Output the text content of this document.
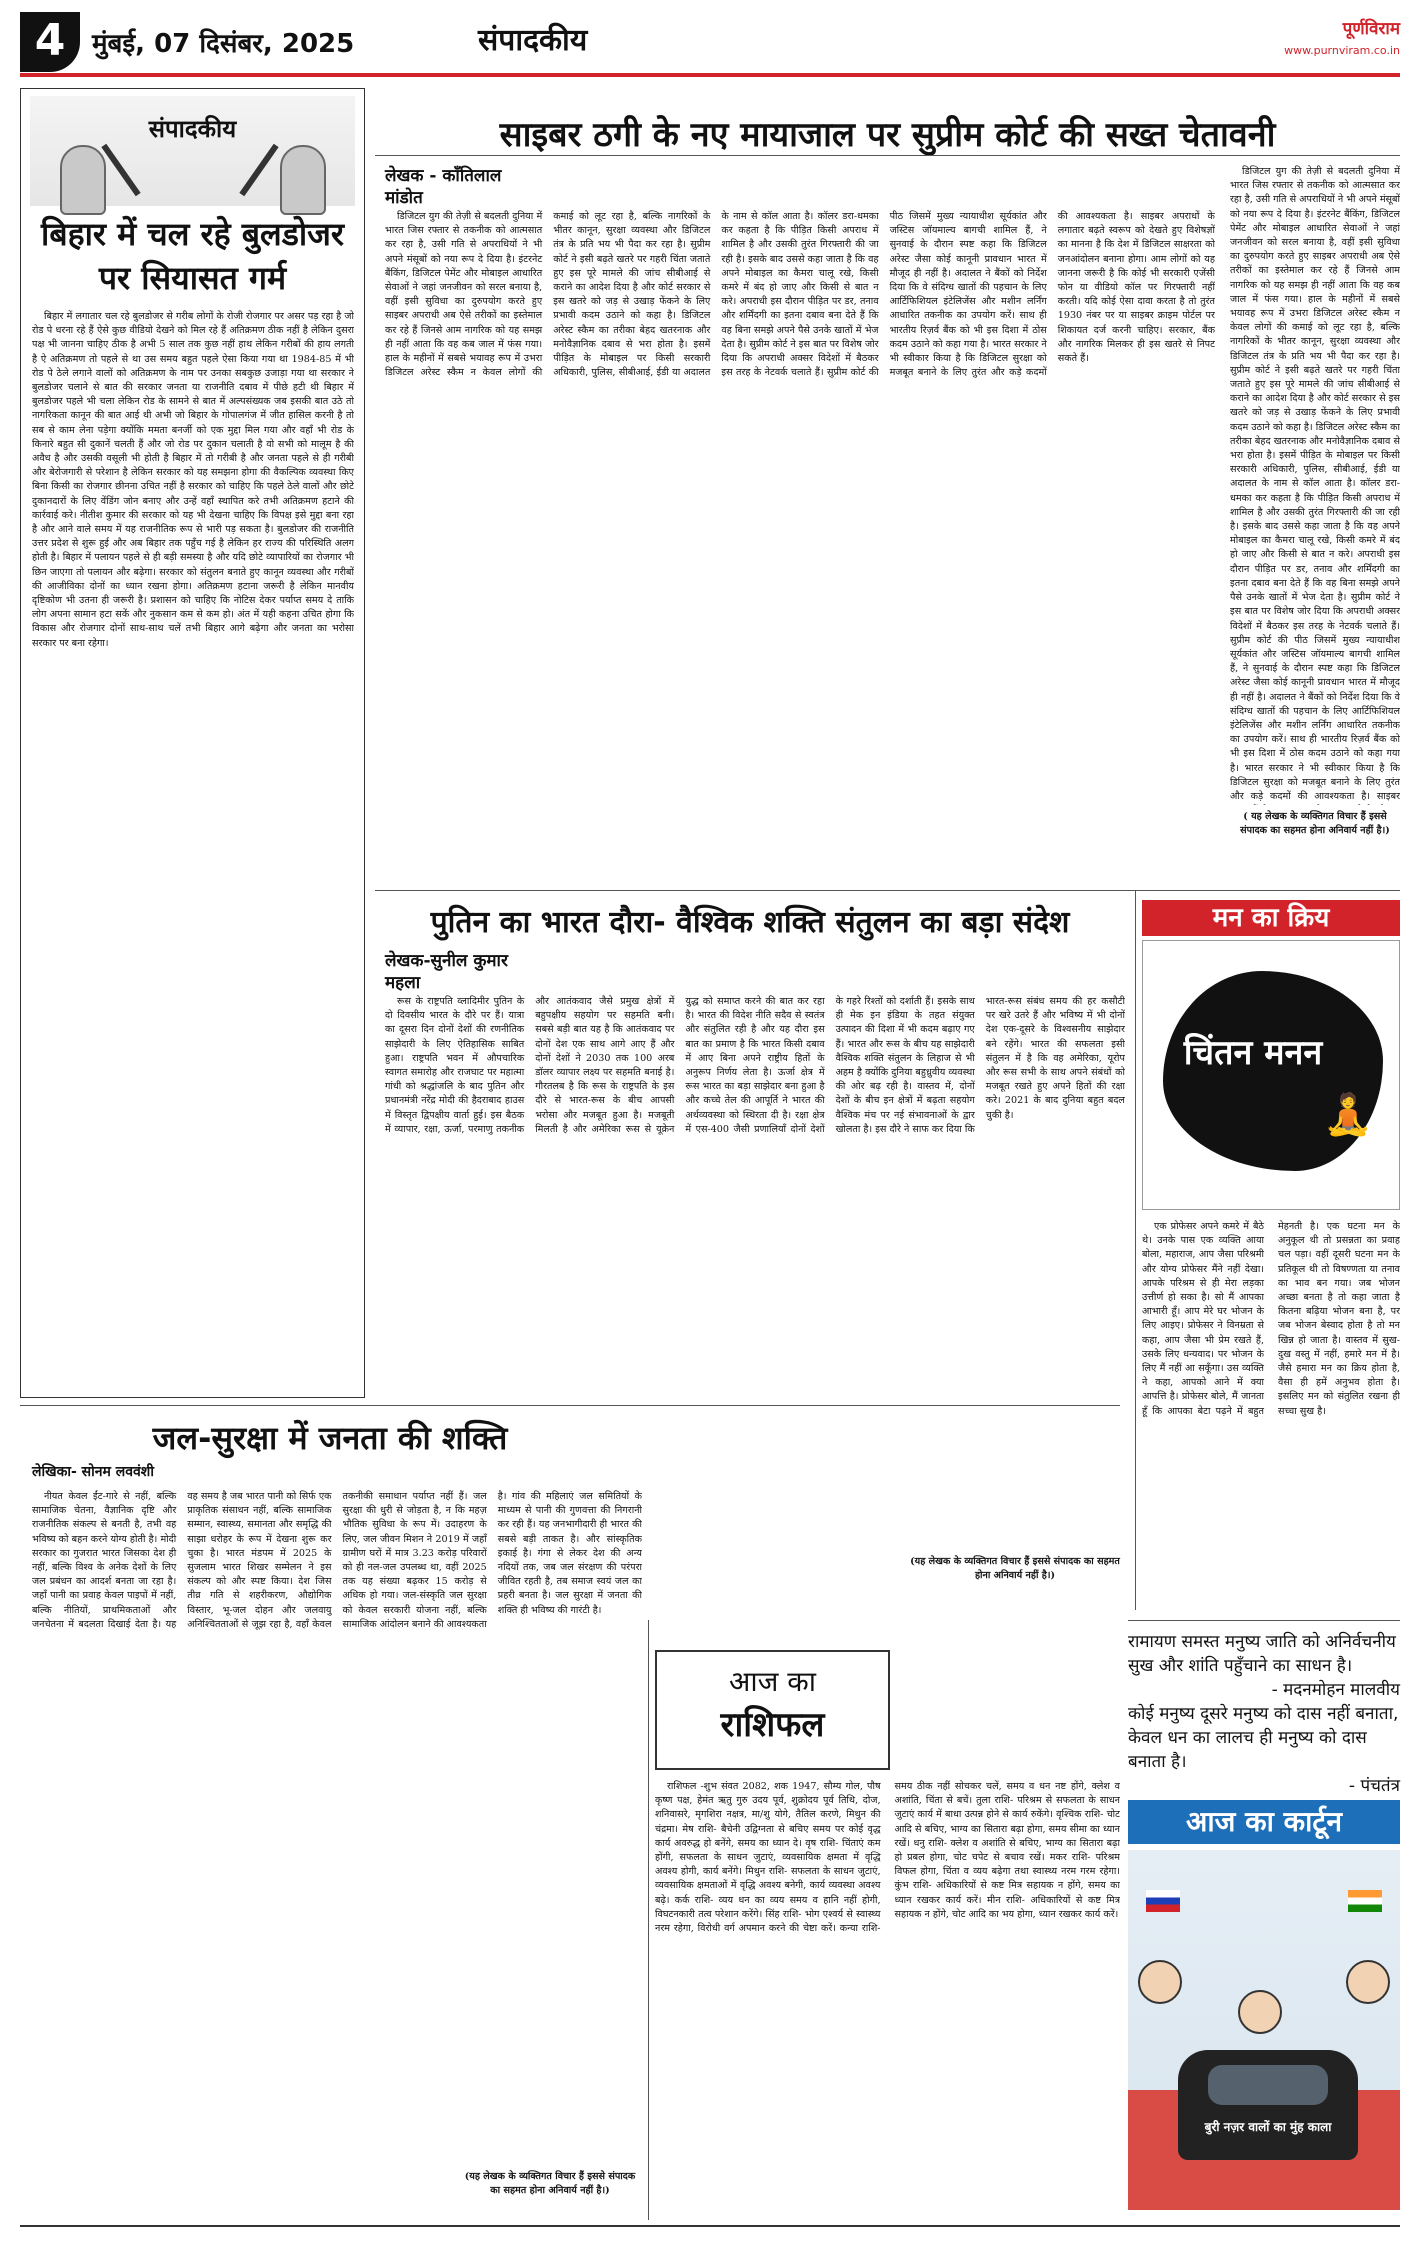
4	मुंबई, 07 दिसंबर, 2025	संपादकीय	पूर्णविराम
www.purnviram.co.in
संपादकीय
बिहार में चल रहे बुलडोजर पर सियासत गर्म

बिहार में लगातार चल रहे बुलडोजर से गरीब लोगों के रोजी रोजगार पर असर पड़ रहा है जो रोड पे धरना रहे हैं ऐसे कुछ वीडियो देखने को मिल रहे हैं अतिक्रमण ठीक नहीं है लेकिन दुसरा पक्ष भी जानना चाहिए ठीक है अभी 5 साल तक कुछ नहीं हाथ लेकिन गरीबों की हाय लगती है ऐ अतिक्रमण तो पहले से था उस समय बहुत पहले ऐसा किया गया था 1984-85 में भी रोड पे ठेले लगाने वालों को अतिक्रमण के नाम पर उनका सबकुछ उजाड़ा गया था सरकार ने बुलडोजर चलाने से बात की सरकार जनता या राजनीति दबाव में पीछे हटी थी बिहार में बुलडोजर पहले भी चला लेकिन रोड के सामने से बात में अल्पसंख्यक जब इसकी बात उठे तो नागरिकता कानून की बात आई थी अभी जो बिहार के गोपालगंज में जीत हासिल करनी है तो सब से काम लेना पड़ेगा क्योंकि ममता बनर्जी को एक मुद्दा मिल गया और वहाँ भी रोड के किनारे बहुत सी दुकानें चलती हैं और जो रोड पर दुकान चलाती है वो सभी को मालूम है की अवैध है और उसकी वसूली भी होती है बिहार में तो गरीबी है और जनता पहले से ही गरीबी और बेरोजगारी से परेशान है लेकिन सरकार को यह समझना होगा की वैकल्पिक व्यवस्था किए बिना किसी का रोजगार छीनना उचित नहीं है सरकार को चाहिए कि पहले ठेले वालों और छोटे दुकानदारों के लिए वेंडिंग जोन बनाए और उन्हें वहाँ स्थापित करे तभी अतिक्रमण हटाने की कार्रवाई करे। नीतीश कुमार की सरकार को यह भी देखना चाहिए कि विपक्ष इसे मुद्दा बना रहा है और आने वाले समय में यह राजनीतिक रूप से भारी पड़ सकता है। बुलडोजर की राजनीति उत्तर प्रदेश से शुरू हुई और अब बिहार तक पहुँच गई है लेकिन हर राज्य की परिस्थिति अलग होती है। बिहार में पलायन पहले से ही बड़ी समस्या है और यदि छोटे व्यापारियों का रोजगार भी छिन जाएगा तो पलायन और बढ़ेगा। सरकार को संतुलन बनाते हुए कानून व्यवस्था और गरीबों की आजीविका दोनों का ध्यान रखना होगा। अतिक्रमण हटाना जरूरी है लेकिन मानवीय दृष्टिकोण भी उतना ही जरूरी है। प्रशासन को चाहिए कि नोटिस देकर पर्याप्त समय दे ताकि लोग अपना सामान हटा सकें और नुकसान कम से कम हो। अंत में यही कहना उचित होगा कि विकास और रोजगार दोनों साथ-साथ चलें तभी बिहार आगे बढ़ेगा और जनता का भरोसा सरकार पर बना रहेगा।

साइबर ठगी के नए मायाजाल पर सुप्रीम कोर्ट की सख्त चेतावनी
लेखक - कॉंतिलाल मांडोत

डिजिटल युग की तेज़ी से बदलती दुनिया में भारत जिस रफ्तार से तकनीक को आत्मसात कर रहा है, उसी गति से अपराधियों ने भी अपने मंसूबों को नया रूप दे दिया है। इंटरनेट बैंकिंग, डिजिटल पेमेंट और मोबाइल आधारित सेवाओं ने जहां जनजीवन को सरल बनाया है, वहीं इसी सुविधा का दुरुपयोग करते हुए साइबर अपराधी अब ऐसे तरीकों का इस्तेमाल कर रहे हैं जिनसे आम नागरिक को यह समझ ही नहीं आता कि वह कब जाल में फंस गया। हाल के महीनों में सबसे भयावह रूप में उभरा डिजिटल अरेस्ट स्कैम न केवल लोगों की कमाई को लूट रहा है, बल्कि नागरिकों के भीतर कानून, सुरक्षा व्यवस्था और डिजिटल तंत्र के प्रति भय भी पैदा कर रहा है। सुप्रीम कोर्ट ने इसी बढ़ते खतरे पर गहरी चिंता जताते हुए इस पूरे मामले की जांच सीबीआई से कराने का आदेश दिया है और कोर्ट सरकार से इस खतरे को जड़ से उखाड़ फेंकने के लिए प्रभावी कदम उठाने को कहा है। डिजिटल अरेस्ट स्कैम का तरीका बेहद खतरनाक और मनोवैज्ञानिक दबाव से भरा होता है। इसमें पीड़ित के मोबाइल पर किसी सरकारी अधिकारी, पुलिस, सीबीआई, ईडी या अदालत के नाम से कॉल आता है। कॉलर डरा-धमका कर कहता है कि पीड़ित किसी अपराध में शामिल है और उसकी तुरंत गिरफ्तारी की जा रही है। इसके बाद उससे कहा जाता है कि वह अपने मोबाइल का कैमरा चालू रखे, किसी कमरे में बंद हो जाए और किसी से बात न करे। अपराधी इस दौरान पीड़ित पर डर, तनाव और शर्मिंदगी का इतना दबाव बना देते हैं कि वह बिना समझे अपने पैसे उनके खातों में भेज देता है। सुप्रीम कोर्ट ने इस बात पर विशेष जोर दिया कि अपराधी अक्सर विदेशों में बैठकर इस तरह के नेटवर्क चलाते हैं। सुप्रीम कोर्ट की पीठ जिसमें मुख्य न्यायाधीश सूर्यकांत और जस्टिस जॉयमाल्य बागची शामिल हैं, ने सुनवाई के दौरान स्पष्ट कहा कि डिजिटल अरेस्ट जैसा कोई कानूनी प्रावधान भारत में मौजूद ही नहीं है। अदालत ने बैंकों को निर्देश दिया कि वे संदिग्ध खातों की पहचान के लिए आर्टिफिशियल इंटेलिजेंस और मशीन लर्निंग आधारित तकनीक का उपयोग करें। साथ ही भारतीय रिज़र्व बैंक को भी इस दिशा में ठोस कदम उठाने को कहा गया है। भारत सरकार ने भी स्वीकार किया है कि डिजिटल सुरक्षा को मजबूत बनाने के लिए तुरंत और कड़े कदमों की आवश्यकता है। साइबर अपराधों के लगातार बढ़ते स्वरूप को देखते हुए विशेषज्ञों का मानना है कि देश में डिजिटल साक्षरता को जनआंदोलन बनाना होगा। आम लोगों को यह जानना जरूरी है कि कोई भी सरकारी एजेंसी फोन या वीडियो कॉल पर गिरफ्तारी नहीं करती। यदि कोई ऐसा दावा करता है तो तुरंत 1930 नंबर पर या साइबर क्राइम पोर्टल पर शिकायत दर्ज करनी चाहिए। सरकार, बैंक और नागरिक मिलकर ही इस खतरे से निपट सकते हैं।

डिजिटल युग की तेज़ी से बदलती दुनिया में भारत जिस रफ्तार से तकनीक को आत्मसात कर रहा है, उसी गति से अपराधियों ने भी अपने मंसूबों को नया रूप दे दिया है। इंटरनेट बैंकिंग, डिजिटल पेमेंट और मोबाइल आधारित सेवाओं ने जहां जनजीवन को सरल बनाया है, वहीं इसी सुविधा का दुरुपयोग करते हुए साइबर अपराधी अब ऐसे तरीकों का इस्तेमाल कर रहे हैं जिनसे आम नागरिक को यह समझ ही नहीं आता कि वह कब जाल में फंस गया। हाल के महीनों में सबसे भयावह रूप में उभरा डिजिटल अरेस्ट स्कैम न केवल लोगों की कमाई को लूट रहा है, बल्कि नागरिकों के भीतर कानून, सुरक्षा व्यवस्था और डिजिटल तंत्र के प्रति भय भी पैदा कर रहा है। सुप्रीम कोर्ट ने इसी बढ़ते खतरे पर गहरी चिंता जताते हुए इस पूरे मामले की जांच सीबीआई से कराने का आदेश दिया है और कोर्ट सरकार से इस खतरे को जड़ से उखाड़ फेंकने के लिए प्रभावी कदम उठाने को कहा है। डिजिटल अरेस्ट स्कैम का तरीका बेहद खतरनाक और मनोवैज्ञानिक दबाव से भरा होता है। इसमें पीड़ित के मोबाइल पर किसी सरकारी अधिकारी, पुलिस, सीबीआई, ईडी या अदालत के नाम से कॉल आता है। कॉलर डरा-धमका कर कहता है कि पीड़ित किसी अपराध में शामिल है और उसकी तुरंत गिरफ्तारी की जा रही है। इसके बाद उससे कहा जाता है कि वह अपने मोबाइल का कैमरा चालू रखे, किसी कमरे में बंद हो जाए और किसी से बात न करे। अपराधी इस दौरान पीड़ित पर डर, तनाव और शर्मिंदगी का इतना दबाव बना देते हैं कि वह बिना समझे अपने पैसे उनके खातों में भेज देता है। सुप्रीम कोर्ट ने इस बात पर विशेष जोर दिया कि अपराधी अक्सर विदेशों में बैठकर इस तरह के नेटवर्क चलाते हैं। सुप्रीम कोर्ट की पीठ जिसमें मुख्य न्यायाधीश सूर्यकांत और जस्टिस जॉयमाल्य बागची शामिल हैं, ने सुनवाई के दौरान स्पष्ट कहा कि डिजिटल अरेस्ट जैसा कोई कानूनी प्रावधान भारत में मौजूद ही नहीं है। अदालत ने बैंकों को निर्देश दिया कि वे संदिग्ध खातों की पहचान के लिए आर्टिफिशियल इंटेलिजेंस और मशीन लर्निंग आधारित तकनीक का उपयोग करें। साथ ही भारतीय रिज़र्व बैंक को भी इस दिशा में ठोस कदम उठाने को कहा गया है। भारत सरकार ने भी स्वीकार किया है कि डिजिटल सुरक्षा को मजबूत बनाने के लिए तुरंत और कड़े कदमों की आवश्यकता है। साइबर

( यह लेखक के व्यक्तिगत विचार हैं इससे संपादक का सहमत होना अनिवार्य नहीं है।)
पुतिन का भारत दौरा- वैश्विक शक्ति संतुलन का बड़ा संदेश
लेखक-सुनील कुमार महला

रूस के राष्ट्रपति व्लादिमीर पुतिन के दो दिवसीय भारत के दौरे पर हैं। यात्रा का दूसरा दिन दोनों देशों की रणनीतिक साझेदारी के लिए ऐतिहासिक साबित हुआ। राष्ट्रपति भवन में औपचारिक स्वागत समारोह और राजघाट पर महात्मा गांधी को श्रद्धांजलि के बाद पुतिन और प्रधानमंत्री नरेंद्र मोदी की हैदराबाद हाउस में विस्तृत द्विपक्षीय वार्ता हुई। इस बैठक में व्यापार, रक्षा, ऊर्जा, परमाणु तकनीक और आतंकवाद जैसे प्रमुख क्षेत्रों में बहुपक्षीय सहयोग पर सहमति बनी। सबसे बड़ी बात यह है कि आतंकवाद पर दोनों देश एक साथ आगे आए हैं और दोनों देशों ने 2030 तक 100 अरब डॉलर व्यापार लक्ष्य पर सहमति बनाई है। गौरतलब है कि रूस के राष्ट्रपति के इस दौरे से भारत-रूस के बीच आपसी भरोसा और मजबूत हुआ है। मजबूती मिलती है और अमेरिका रूस से यूक्रेन युद्ध को समाप्त करने की बात कर रहा है। भारत की विदेश नीति सदैव से स्वतंत्र और संतुलित रही है और यह दौरा इस बात का प्रमाण है कि भारत किसी दबाव में आए बिना अपने राष्ट्रीय हितों के अनुरूप निर्णय लेता है। ऊर्जा क्षेत्र में रूस भारत का बड़ा साझेदार बना हुआ है और कच्चे तेल की आपूर्ति ने भारत की अर्थव्यवस्था को स्थिरता दी है। रक्षा क्षेत्र में एस-400 जैसी प्रणालियाँ दोनों देशों के गहरे रिश्तों को दर्शाती हैं। इसके साथ ही मेक इन इंडिया के तहत संयुक्त उत्पादन की दिशा में भी कदम बढ़ाए गए हैं। भारत और रूस के बीच यह साझेदारी वैश्विक शक्ति संतुलन के लिहाज से भी अहम है क्योंकि दुनिया बहुध्रुवीय व्यवस्था की ओर बढ़ रही है। वास्तव में, दोनों देशों के बीच इन क्षेत्रों में बढ़ता सहयोग वैश्विक मंच पर नई संभावनाओं के द्वार खोलता है। इस दौरे ने साफ कर दिया कि भारत-रूस संबंध समय की हर कसौटी पर खरे उतरे हैं और भविष्य में भी दोनों देश एक-दूसरे के विश्वसनीय साझेदार बने रहेंगे। भारत की सफलता इसी संतुलन में है कि वह अमेरिका, यूरोप और रूस सभी के साथ अपने संबंधों को मजबूत रखते हुए अपने हितों की रक्षा करे। 2021 के बाद दुनिया बहुत बदल चुकी है।

(यह लेखक के व्यक्तिगत विचार हैं इससे संपादक का सहमत होना अनिवार्य नहीं है।)
मन का क्रिय
चिंतन मनन
🧘

एक प्रोफेसर अपने कमरे में बैठे थे। उनके पास एक व्यक्ति आया बोला, महाराज, आप जैसा परिश्रमी और योग्य प्रोफेसर मैंने नहीं देखा। आपके परिश्रम से ही मेरा लड़का उत्तीर्ण हो सका है। सो मैं आपका आभारी हूँ। आप मेरे घर भोजन के लिए आइए। प्रोफेसर ने विनम्रता से कहा, आप जैसा भी प्रेम रखते हैं, उसके लिए धन्यवाद। पर भोजन के लिए मैं नहीं आ सकूँगा। उस व्यक्ति ने कहा, आपको आने में क्या आपत्ति है। प्रोफेसर बोले, मैं जानता हूँ कि आपका बेटा पढ़ने में बहुत मेहनती है। एक घटना मन के अनुकूल थी तो प्रसन्नता का प्रवाह चल पड़ा। वहीं दूसरी घटना मन के प्रतिकूल थी तो विषण्णता या तनाव का भाव बन गया। जब भोजन अच्छा बनता है तो कहा जाता है कितना बढ़िया भोजन बना है, पर जब भोजन बेस्वाद होता है तो मन खिन्न हो जाता है। वास्तव में सुख-दुख वस्तु में नहीं, हमारे मन में है। जैसे हमारा मन का क्रिय होता है, वैसा ही हमें अनुभव होता है। इसलिए मन को संतुलित रखना ही सच्चा सुख है।

रामायण समस्त मनुष्य जाति को अनिर्वचनीय सुख और शांति पहुँचाने का साधन है।
- मदनमोहन मालवीय
कोई मनुष्य दूसरे मनुष्य को दास नहीं बनाता, केवल धन का लालच ही मनुष्य को दास बनाता है।
- पंचतंत्र
जल-सुरक्षा में जनता की शक्ति
लेखिका- सोनम लववंशी

नीयत केवल ईंट-गारे से नहीं, बल्कि सामाजिक चेतना, वैज्ञानिक दृष्टि और राजनीतिक संकल्प से बनती है, तभी वह भविष्य को बहन करने योग्य होती है। मोदी सरकार का गुजरात भारत जिसका देश ही नहीं, बल्कि विश्व के अनेक देशों के लिए जल प्रबंधन का आदर्श बनता जा रहा है। जहाँ पानी का प्रवाह केवल पाइपों में नहीं, बल्कि नीतियों, प्राथमिकताओं और जनचेतना में बदलता दिखाई देता है। यह वह समय है जब भारत पानी को सिर्फ एक प्राकृतिक संसाधन नहीं, बल्कि सामाजिक सम्मान, स्वास्थ्य, समानता और समृद्धि की साझा धरोहर के रूप में देखना शुरू कर चुका है। भारत मंडपम में 2025 के सुजलाम भारत शिखर सम्मेलन ने इस संकल्प को और स्पष्ट किया। देश जिस तीव्र गति से शहरीकरण, औद्योगिक विस्तार, भू-जल दोहन और जलवायु अनिश्चितताओं से जूझ रहा है, वहाँ केवल तकनीकी समाधान पर्याप्त नहीं हैं। जल सुरक्षा की धुरी से जोड़ता है, न कि महज़ भौतिक सुविधा के रूप में। उदाहरण के लिए, जल जीवन मिशन ने 2019 में जहाँ ग्रामीण घरों में मात्र 3.23 करोड़ परिवारों को ही नल-जल उपलब्ध था, वहीं 2025 तक यह संख्या बढ़कर 15 करोड़ से अधिक हो गया। जल-संस्कृति जल सुरक्षा को केवल सरकारी योजना नहीं, बल्कि सामाजिक आंदोलन बनाने की आवश्यकता है। गांव की महिलाएं जल समितियों के माध्यम से पानी की गुणवत्ता की निगरानी कर रही हैं। यह जनभागीदारी ही भारत की सबसे बड़ी ताकत है। और सांस्कृतिक इकाई है। गंगा से लेकर देश की अन्य नदियों तक, जब जल संरक्षण की परंपरा जीवित रहती है, तब समाज स्वयं जल का प्रहरी बनता है। जल सुरक्षा में जनता की शक्ति ही भविष्य की गारंटी है।

(यह लेखक के व्यक्तिगत विचार हैं इससे संपादक का सहमत होना अनिवार्य नहीं है।)
आज का
राशिफल

राशिफल -शुभ संवत 2082, शक 1947, सौम्य गोल, पौष कृष्ण पक्ष, हेमंत ऋतु गुरु उदय पूर्व, शुक्रोदय पूर्व तिथि, दोज, शनिवासरे, मृगशिरा नक्षत्र, मा/शु योगे, तैतिल करणे, मिथुन की चंद्रमा। मेष राशि- बैचेनी उद्विग्नता से बचिए समय पर कोई वृद्ध कार्य अवरुद्ध हो बनेंगे, समय का ध्यान दे। वृष राशि- चिंताएं कम होंगी, सफलता के साधन जुटाएं, व्यवसायिक क्षमता में वृद्धि अवश्य होगी, कार्य बनेंगे। मिथुन राशि- सफलता के साधन जुटाएं, व्यवसायिक क्षमताओं में वृद्धि अवश्य बनेगी, कार्य व्यवस्था अवश्य बढ़े। कर्क राशि- व्यय धन का व्यय समय व हानि नहीं होगी, विघटनकारी तत्व परेशान करेंगे। सिंह राशि- भोग एश्वर्य से स्वास्थ्य नरम रहेगा, विरोधी वर्ग अपमान करने की चेष्टा करें। कन्या राशि- समय ठीक नहीं सोचकर चलें, समय व धन नष्ट होंगे, क्लेश व अशांति, चिंता से बचें। तुला राशि- परिश्रम से सफलता के साधन जुटाएं कार्य में बाधा उत्पन्न होने से कार्य रुकेंगे। वृश्चिक राशि- चोट आदि से बचिए, भाग्य का सितारा बढ़ा होगा, समय सीमा का ध्यान रखें। धनु राशि- क्लेश व अशांति से बचिए, भाग्य का सितारा बढ़ा हो प्रबल होगा, चोट चपेट से बचाव रखें। मकर राशि- परिश्रम विफल होगा, चिंता व व्यय बढ़ेगा तथा स्वास्थ्य नरम गरम रहेगा। कुंभ राशि- अधिकारियों से कष्ट मित्र सहायक न होंगे, समय का ध्यान रखकर कार्य करें। मीन राशि- अधिकारियों से कष्ट मित्र सहायक न होंगे, चोट आदि का भय होगा, ध्यान रखकर कार्य करें।

आज का कार्टून
बुरी नज़र वालों का मुंह काला
